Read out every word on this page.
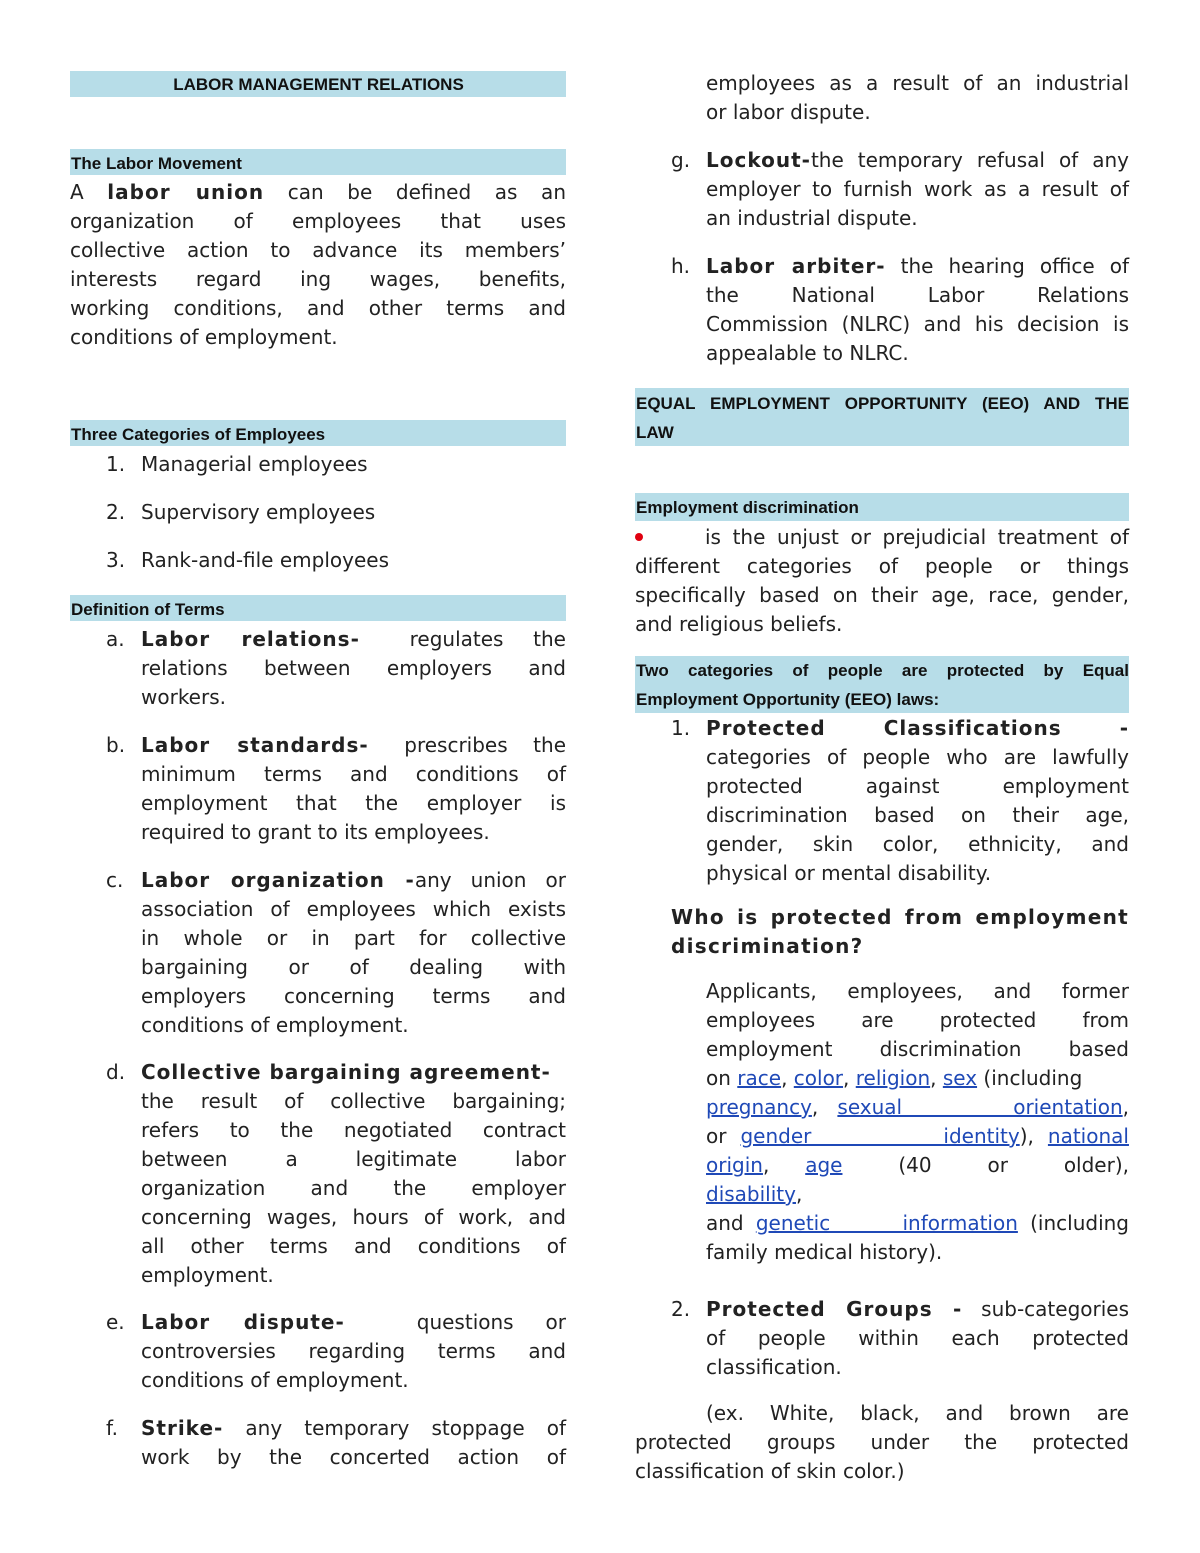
LABOR MANAGEMENT RELATIONS
The Labor Movement
A labor union can be defined as an
organization of employees that uses
collective action to advance its members’
interests regard ing wages, benefits,
working conditions, and other terms and
conditions of employment.
Three Categories of Employees
1. Managerial employees
2. Supervisory employees
3. Rank-and-file employees
Definition of Terms
a. Labor relations- regulates the
relations between employers and
workers.
b. Labor standards- prescribes the
minimum terms and conditions of
employment that the employer is
required to grant to its employees.
c. Labor organization -any union or
association of employees which exists
in whole or in part for collective
bargaining or of dealing with
employers concerning terms and
conditions of employment.
d. Collective bargaining agreement-
the result of collective bargaining;
refers to the negotiated contract
between a legitimate labor
organization and the employer
concerning wages, hours of work, and
all other terms and conditions of
employment.
e. Labor dispute-	questions or
controversies regarding terms and
conditions of employment.
f. Strike- any temporary stoppage of
work by the concerted action of
employees as a result of an industrial
or labor dispute.
g. Lockout-the temporary refusal of any
employer to furnish work as a result of
an industrial dispute.
h. Labor arbiter- the hearing office of
the National Labor Relations
Commission (NLRC) and his decision is
appealable to NLRC.
EQUAL EMPLOYMENT OPPORTUNITY (EEO) AND THE
LAW
Employment discrimination
is the unjust or prejudicial treatment of
different categories of people or things
specifically based on their age, race, gender,
and religious beliefs.
Two categories of people are protected by Equal
Employment Opportunity (EEO) laws:
1. Protected Classifications -
categories of people who are lawfully
protected against employment
discrimination based on their age,
gender, skin color, ethnicity, and
physical or mental disability.
Who is protected from employment
discrimination?
Applicants, employees, and former
employees are protected from
employment discrimination based
on race, color, religion, sex (including
pregnancy, sexual orientation,
or gender identity), national
origin, age (40 or older), disability,
and genetic information (including
family medical history).
2. Protected Groups - sub-categories
of people within each protected
classification.
(ex. White, black, and brown are
protected groups under the protected
classification of skin color.)
